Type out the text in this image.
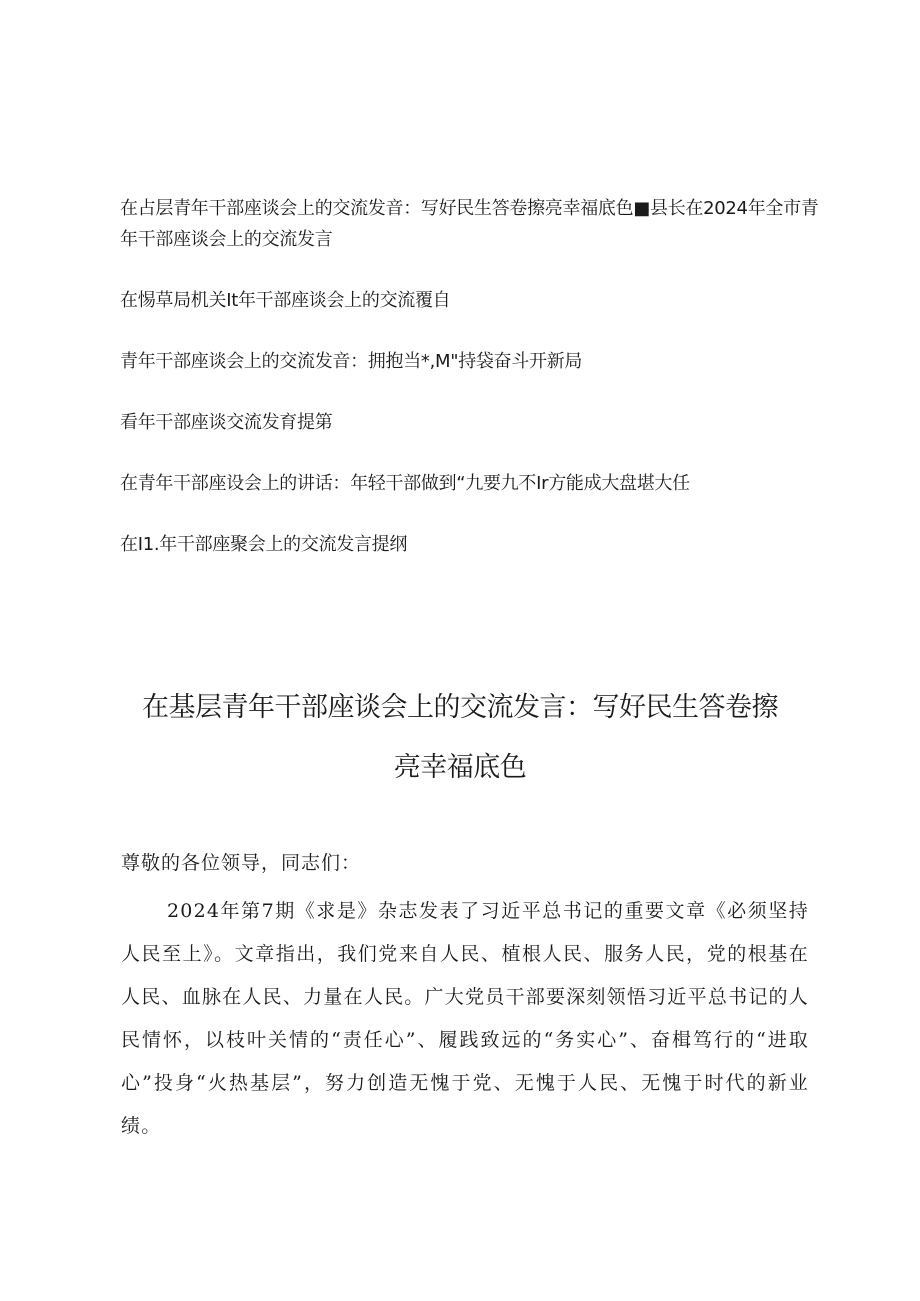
在占层青年干部座谈会上的交流发音：写好民生答卷擦亮幸福底色■县长在2024年全市青年干部座谈会上的交流发言
在惕草局机关It年干部座谈会上的交流覆自
青年干部座谈会上的交流发音：拥抱当*,M"持袋奋斗开新局
看年干部座谈交流发育提第
在青年干部座设会上的讲话：年轻干部做到“九要九不Ir方能成大盘堪大任
在I1.年干部座聚会上的交流发言提纲
在基层青年干部座谈会上的交流发言：写好民生答卷擦
亮幸福底色
尊敬的各位领导，同志们：
2024年第7期《求是》杂志发表了习近平总书记的重要文章《必须坚持人民至上》。文章指出，我们党来自人民、植根人民、服务人民，党的根基在人民、血脉在人民、力量在人民。广大党员干部要深刻领悟习近平总书记的人民情怀，以枝叶关情的“责任心”、履践致远的“务实心”、奋楫笃行的“进取心”投身“火热基层”，努力创造无愧于党、无愧于人民、无愧于时代的新业绩。
